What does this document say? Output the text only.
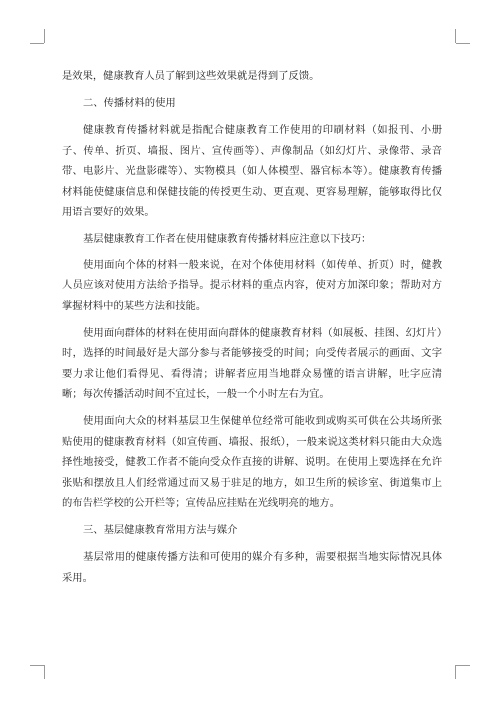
是效果，健康教育人员了解到这些效果就是得到了反馈。

二、传播材料的使用

健康教育传播材料就是指配合健康教育工作使用的印刷材料（如报刊、小册子、传单、折页、墙报、图片、宣传画等）、声像制品（如幻灯片、录像带、录音带、电影片、光盘影碟等）、实物模具（如人体模型、器官标本等）。健康教育传播材料能使健康信息和保健技能的传授更生动、更直观、更容易理解，能够取得比仅用语言要好的效果。

基层健康教育工作者在使用健康教育传播材料应注意以下技巧：

使用面向个体的材料一般来说，在对个体使用材料（如传单、折页）时，健教人员应该对使用方法给予指导。提示材料的重点内容，使对方加深印象；帮助对方掌握材料中的某些方法和技能。

使用面向群体的材料在使用面向群体的健康教育材料（如展板、挂图、幻灯片）时，选择的时间最好是大部分参与者能够接受的时间；向受传者展示的画面、文字要力求让他们看得见、看得清；讲解者应用当地群众易懂的语言讲解，吐字应清晰；每次传播活动时间不宜过长，一般一个小时左右为宜。

使用面向大众的材料基层卫生保健单位经常可能收到或购买可供在公共场所张贴使用的健康教育材料（如宣传画、墙报、报纸），一般来说这类材料只能由大众选择性地接受，健教工作者不能向受众作直接的讲解、说明。在使用上要选择在允许张贴和摆放且人们经常通过而又易于驻足的地方，如卫生所的候诊室、街道集市上的布告栏学校的公开栏等；宣传品应挂贴在光线明亮的地方。

三、基层健康教育常用方法与媒介

基层常用的健康传播方法和可使用的媒介有多种，需要根据当地实际情况具体采用。
